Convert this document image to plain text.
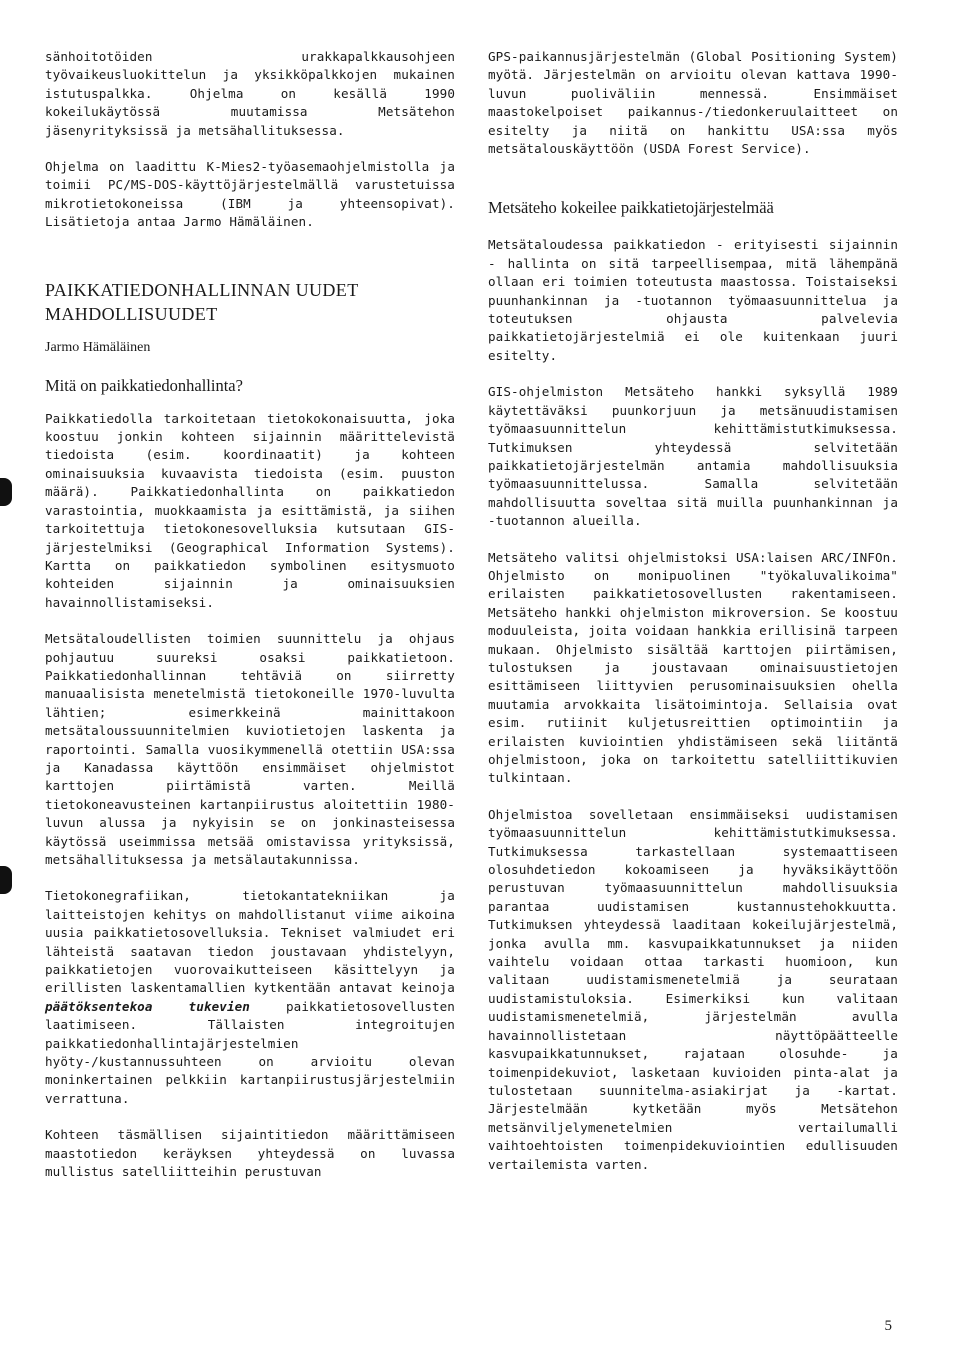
sänhoitotöiden urakkapalkkausohjeen työvaikeusluokittelun ja yksikköpalkkojen mukainen istutuspalkka. Ohjelma on kesällä 1990 kokeilukäytössä muutamissa Metsätehon jäsenyrityksissä ja metsähallituksessa.

Ohjelma on laadittu K-Mies2-työasemaohjelmistolla ja toimii PC/MS-DOS-käyttöjärjestelmällä varustetuissa mikrotietokoneissa (IBM ja yhteensopivat). Lisätietoja antaa Jarmo Hämäläinen.

PAIKKATIEDONHALLINNAN UUDET MAHDOLLISUUDET
Jarmo Hämäläinen
Mitä on paikkatiedonhallinta?

Paikkatiedolla tarkoitetaan tietokokonaisuutta, joka koostuu jonkin kohteen sijainnin määrittelevistä tiedoista (esim. koordinaatit) ja kohteen ominaisuuksia kuvaavista tiedoista (esim. puuston määrä). Paikkatiedonhallinta on paikkatiedon varastointia, muokkaamista ja esittämistä, ja siihen tarkoitettuja tietokonesovelluksia kutsutaan GIS-järjestelmiksi (Geographical Information Systems). Kartta on paikkatiedon symbolinen esitysmuoto kohteiden sijainnin ja ominaisuuksien havainnollistamiseksi.

Metsätaloudellisten toimien suunnittelu ja ohjaus pohjautuu suureksi osaksi paikkatietoon. Paikkatiedonhallinnan tehtäviä on siirretty manuaalisista menetelmistä tietokoneille 1970-luvulta lähtien; esimerkkeinä mainittakoon metsätaloussuunnitelmien kuviotietojen laskenta ja raportointi. Samalla vuosikymmenellä otettiin USA:ssa ja Kanadassa käyttöön ensimmäiset ohjelmistot karttojen piirtämistä varten. Meillä tietokoneavusteinen kartanpiirustus aloitettiin 1980-luvun alussa ja nykyisin se on jonkinasteisessa käytössä useimmissa metsää omistavissa yrityksissä, metsähallituksessa ja metsälautakunnissa.

Tietokonegrafiikan, tietokantatekniikan ja laitteistojen kehitys on mahdollistanut viime aikoina uusia paikkatietosovelluksia. Tekniset valmiudet eri lähteistä saatavan tiedon joustavaan yhdistelyyn, paikkatietojen vuorovaikutteiseen käsittelyyn ja erillisten laskentamallien kytkentään antavat keinoja päätöksentekoa tukevien paikkatietosovellusten laatimiseen. Tällaisten integroitujen paikkatiedonhallintajärjestelmien hyöty-/kustannussuhteen on arvioitu olevan moninkertainen pelkkiin kartanpiirustusjärjestelmiin verrattuna.

Kohteen täsmällisen sijaintitiedon määrittämiseen maastotiedon keräyksen yhteydessä on luvassa mullistus satelliitteihin perustuvan

GPS-paikannusjärjestelmän (Global Positioning System) myötä. Järjestelmän on arvioitu olevan kattava 1990-luvun puoliväliin mennessä. Ensimmäiset maastokelpoiset paikannus-/tiedonkeruulaitteet on esitelty ja niitä on hankittu USA:ssa myös metsätalouskäyttöön (USDA Forest Service).

Metsäteho kokeilee paikkatietojärjestelmää

Metsätaloudessa paikkatiedon - erityisesti sijainnin - hallinta on sitä tarpeellisempaa, mitä lähempänä ollaan eri toimien toteutusta maastossa. Toistaiseksi puunhankinnan ja -tuotannon työmaasuunnittelua ja toteutuksen ohjausta palvelevia paikkatietojärjestelmiä ei ole kuitenkaan juuri esitelty.

GIS-ohjelmiston Metsäteho hankki syksyllä 1989 käytettäväksi puunkorjuun ja metsänuudistamisen työmaasuunnittelun kehittämistutkimuksessa. Tutkimuksen yhteydessä selvitetään paikkatietojärjestelmän antamia mahdollisuuksia työmaasuunnittelussa. Samalla selvitetään mahdollisuutta soveltaa sitä muilla puunhankinnan ja -tuotannon alueilla.

Metsäteho valitsi ohjelmistoksi USA:laisen ARC/INFOn. Ohjelmisto on monipuolinen "työkaluvalikoima" erilaisten paikkatietosovellusten rakentamiseen. Metsäteho hankki ohjelmiston mikroversion. Se koostuu moduuleista, joita voidaan hankkia erillisinä tarpeen mukaan. Ohjelmisto sisältää karttojen piirtämisen, tulostuksen ja joustavaan ominaisuustietojen esittämiseen liittyvien perusominaisuuksien ohella muutamia arvokkaita lisätoimintoja. Sellaisia ovat esim. rutiinit kuljetusreittien optimointiin ja erilaisten kuviointien yhdistämiseen sekä liitäntä ohjelmistoon, joka on tarkoitettu satelliittikuvien tulkintaan.

Ohjelmistoa sovelletaan ensimmäiseksi uudistamisen työmaasuunnittelun kehittämistutkimuksessa. Tutkimuksessa tarkastellaan systemaattiseen olosuhdetiedon kokoamiseen ja hyväksikäyttöön perustuvan työmaasuunnittelun mahdollisuuksia parantaa uudistamisen kustannustehokkuutta. Tutkimuksen yhteydessä laaditaan kokeilujärjestelmä, jonka avulla mm. kasvupaikkatunnukset ja niiden vaihtelu voidaan ottaa tarkasti huomioon, kun valitaan uudistamismenetelmiä ja seurataan uudistamistuloksia. Esimerkiksi kun valitaan uudistamismenetelmiä, järjestelmän avulla havainnollistetaan näyttöpäätteelle kasvupaikkatunnukset, rajataan olosuhde- ja toimenpidekuviot, lasketaan kuvioiden pinta-alat ja tulostetaan suunnitelma-asiakirjat ja -kartat. Järjestelmään kytketään myös Metsätehon metsänviljelymenetelmien vertailumalli vaihtoehtoisten toimenpidekuviointien edullisuuden vertailemista varten.

5
